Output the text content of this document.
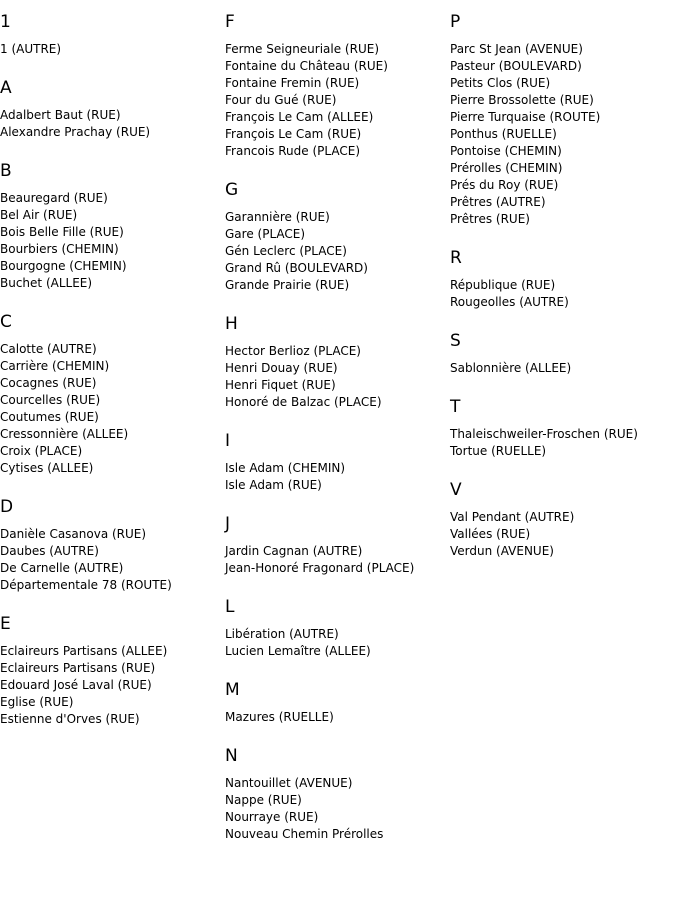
1
1 (AUTRE)
A
Adalbert Baut (RUE)
Alexandre Prachay (RUE)
B
Beauregard (RUE)
Bel Air (RUE)
Bois Belle Fille (RUE)
Bourbiers (CHEMIN)
Bourgogne (CHEMIN)
Buchet (ALLEE)
C
Calotte (AUTRE)
Carrière (CHEMIN)
Cocagnes (RUE)
Courcelles (RUE)
Coutumes (RUE)
Cressonnière (ALLEE)
Croix (PLACE)
Cytises (ALLEE)
D
Danièle Casanova (RUE)
Daubes (AUTRE)
De Carnelle (AUTRE)
Départementale 78 (ROUTE)
E
Eclaireurs Partisans (ALLEE)
Eclaireurs Partisans (RUE)
Edouard José Laval (RUE)
Eglise (RUE)
Estienne d'Orves (RUE)
F
Ferme Seigneuriale (RUE)
Fontaine du Château (RUE)
Fontaine Fremin (RUE)
Four du Gué (RUE)
François Le Cam (ALLEE)
François Le Cam (RUE)
Francois Rude (PLACE)
G
Garannière (RUE)
Gare (PLACE)
Gén Leclerc (PLACE)
Grand Rû (BOULEVARD)
Grande Prairie (RUE)
H
Hector Berlioz (PLACE)
Henri Douay (RUE)
Henri Fiquet (RUE)
Honoré de Balzac (PLACE)
I
Isle Adam (CHEMIN)
Isle Adam (RUE)
J
Jardin Cagnan (AUTRE)
Jean-Honoré Fragonard (PLACE)
L
Libération (AUTRE)
Lucien Lemaître (ALLEE)
M
Mazures (RUELLE)
N
Nantouillet (AVENUE)
Nappe (RUE)
Nourraye (RUE)
Nouveau Chemin Prérolles
P
Parc St Jean (AVENUE)
Pasteur (BOULEVARD)
Petits Clos (RUE)
Pierre Brossolette (RUE)
Pierre Turquaise (ROUTE)
Ponthus (RUELLE)
Pontoise (CHEMIN)
Prérolles (CHEMIN)
Prés du Roy (RUE)
Prêtres (AUTRE)
Prêtres (RUE)
R
République (RUE)
Rougeolles (AUTRE)
S
Sablonnière (ALLEE)
T
Thaleischweiler-Froschen (RUE)
Tortue (RUELLE)
V
Val Pendant (AUTRE)
Vallées (RUE)
Verdun (AVENUE)
